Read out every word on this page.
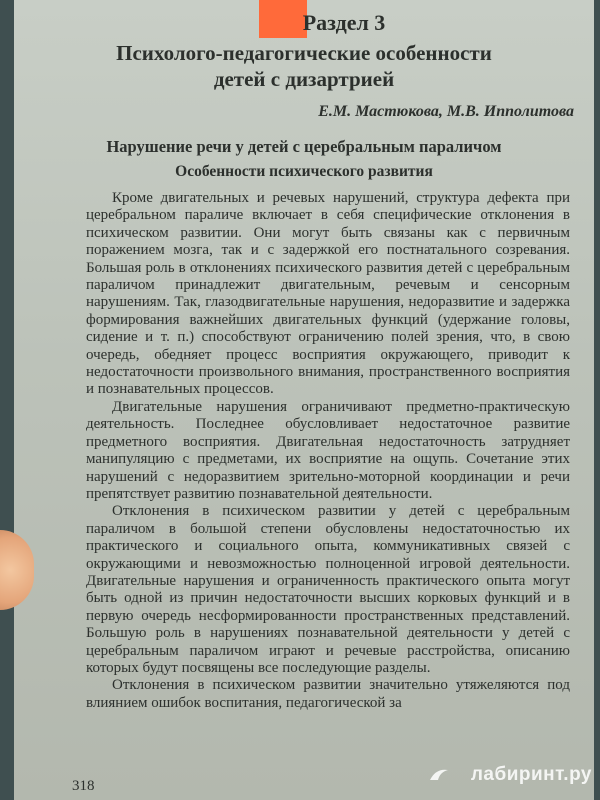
Раздел 3
Психолого-педагогические особенности
детей с дизартрией
Е.М. Мастюкова, М.В. Ипполитова
Нарушение речи у детей с церебральным параличом
Особенности психического развития

Кроме двигательных и речевых нарушений, структура дефекта при церебральном параличе включает в себя специфические отклонения в психическом развитии. Они могут быть связаны как с первичным поражением мозга, так и с задержкой его постнатального созревания. Большая роль в отклонениях психического развития детей с церебральным параличом принадлежит двигательным, речевым и сенсорным нарушениям. Так, глазодвигательные нарушения, недоразвитие и задержка формирования важнейших двигательных функций (удержание головы, сидение и т. п.) способствуют ограничению полей зрения, что, в свою очередь, обедняет процесс восприятия окружающего, приводит к недостаточности произвольного внимания, пространственного восприятия и познавательных процессов.

Двигательные нарушения ограничивают предметно-практическую деятельность. Последнее обусловливает недостаточное развитие предметного восприятия. Двигательная недостаточность затрудняет манипуляцию с предметами, их восприятие на ощупь. Сочетание этих нарушений с недоразвитием зрительно-моторной координации и речи препятствует развитию познавательной деятельности.

Отклонения в психическом развитии у детей с церебральным параличом в большой степени обусловлены недостаточностью их практического и социального опыта, коммуникативных связей с окружающими и невозможностью полноценной игровой деятельности. Двигательные нарушения и ограниченность практического опыта могут быть одной из причин недостаточности высших корковых функций и в первую очередь несформированности пространственных представлений. Большую роль в нарушениях познавательной деятельности у детей с церебральным параличом играют и речевые расстройства, описанию которых будут посвящены все последующие разделы.

Отклонения в психическом развитии значительно утяжеляются под влиянием ошибок воспитания, педагогической за

318
лабиринт.ру
